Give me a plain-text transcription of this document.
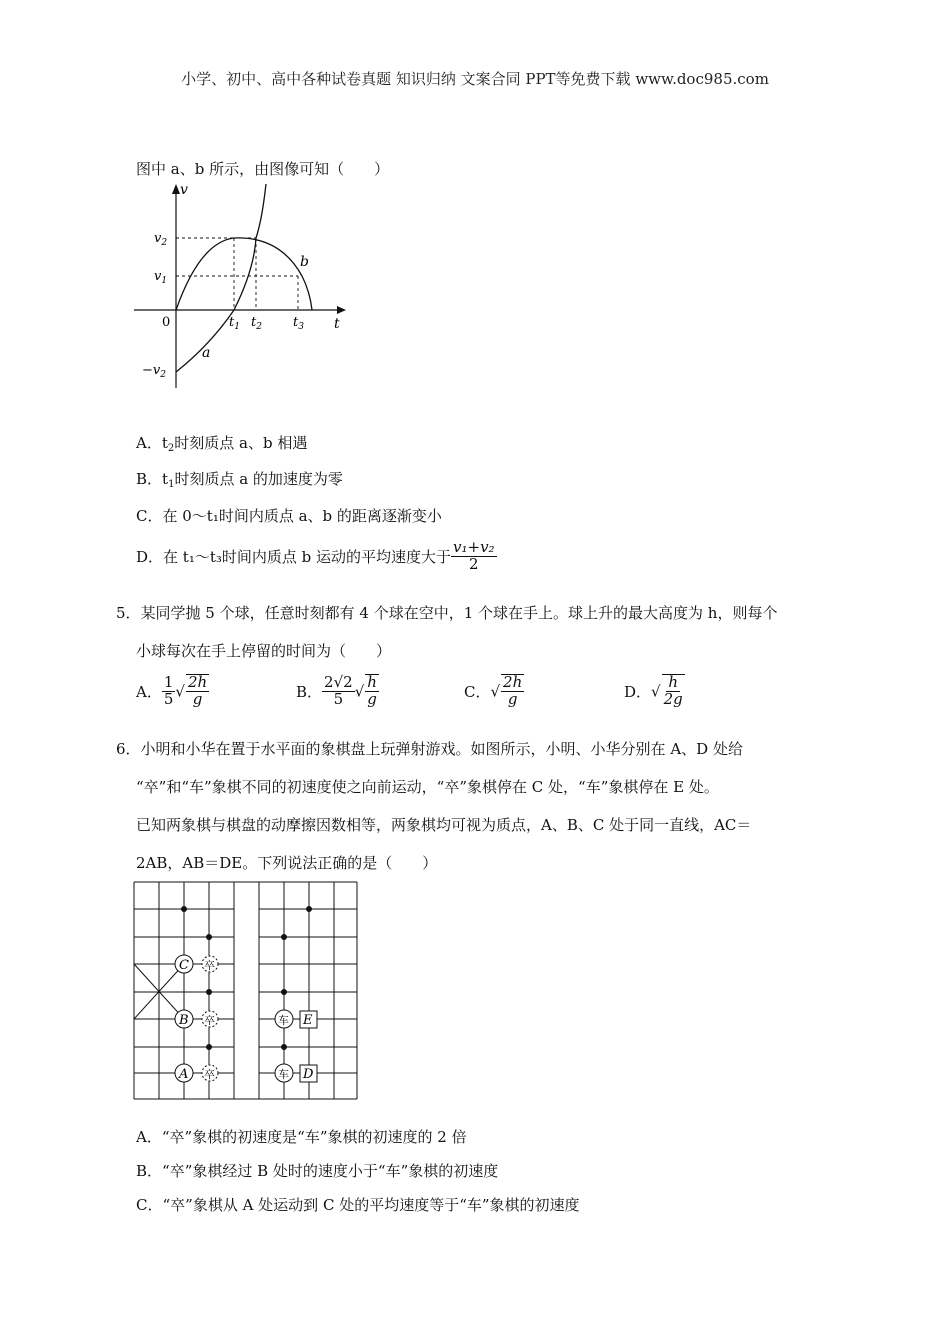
小学、初中、高中各种试卷真题 知识归纳 文案合同 PPT等免费下载 www.doc985.com
图中 a、b 所示，由图像可知（　　）
v
t
0
$v_2$
$v_1$
$-v_2$
$t_1$ $t_2$ $t_3$
a
b
A．$t_2$时刻质点 a、b 相遇
B．$t_1$时刻质点 a 的加速度为零
C．在 0～t₁时间内质点 a、b 的距离逐渐变小
D．在 t₁～t₃时间内质点 b 运动的平均速度大于 $\frac{\text{v₁+v₂}}{2}$
5．某同学抛 5 个球，任意时刻都有 4 个球在空中，1 个球在手上。球上升的最大高度为 h，则每个
小球每次在手上停留的时间为（　　）
A． $\frac{1}{5}$ √ $\frac{\text{2ℎ}}{g}$	B． $\frac{2√2}{5}$ √ $\frac{\text{ℎ}}{g}$	C．√ $\frac{\text{2ℎ}}{g}$	D．√ $\frac{\text{ℎ}}{2g}$
6．小明和小华在置于水平面的象棋盘上玩弹射游戏。如图所示，小明、小华分别在 A、D 处给
“卒”和“车”象棋不同的初速度使之向前运动，“卒”象棋停在 C 处，“车”象棋停在 E 处。
已知两象棋与棋盘的动摩擦因数相等，两象棋均可视为质点，A、B、C 处于同一直线，AC＝
2AB，AB＝DE。下列说法正确的是（　　）
C 卒
B 卒
A 卒
车 E
车 D
A．“卒”象棋的初速度是“车”象棋的初速度的 2 倍
B．“卒”象棋经过 B 处时的速度小于“车”象棋的初速度
C．“卒”象棋从 A 处运动到 C 处的平均速度等于“车”象棋的初速度
